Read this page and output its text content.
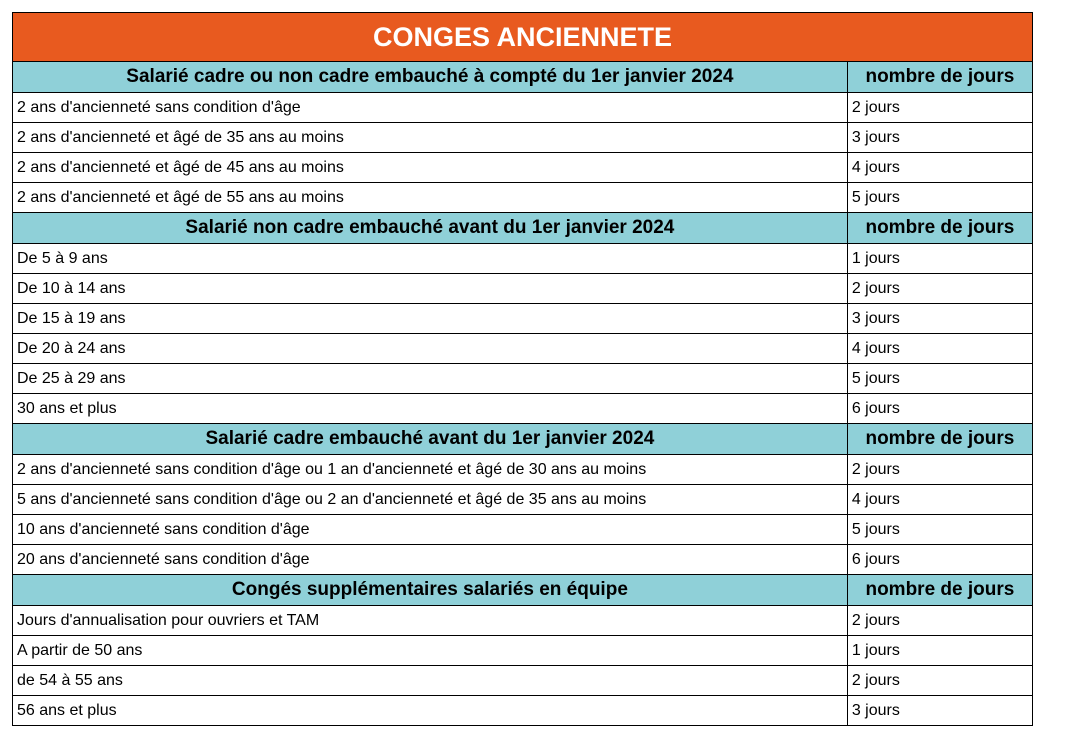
CONGES ANCIENNETE	
Salarié cadre ou non cadre embauché à compté du 1er janvier 2024	nombre de jours
2 ans d'ancienneté sans condition d'âge	2 jours
2 ans d'ancienneté et âgé de 35 ans au moins	3 jours
2 ans d'ancienneté et âgé de 45 ans au moins	4 jours
2 ans d'ancienneté et âgé de 55 ans au moins	5 jours
Salarié non cadre embauché avant du 1er janvier 2024	nombre de jours
De 5 à 9 ans	1 jours
De 10 à 14 ans	2 jours
De 15 à 19 ans	3 jours
De 20 à 24 ans	4 jours
De 25 à 29 ans	5 jours
30 ans et plus	6 jours
Salarié cadre embauché avant du 1er janvier 2024	nombre de jours
2 ans d'ancienneté sans condition d'âge ou 1 an d'ancienneté et âgé de 30 ans au moins	2 jours
5 ans d'ancienneté sans condition d'âge ou 2 an d'ancienneté et âgé de 35 ans au moins	4 jours
10 ans d'ancienneté sans condition d'âge	5 jours
20 ans d'ancienneté sans condition d'âge	6 jours
Congés supplémentaires salariés en équipe	nombre de jours
Jours d'annualisation pour ouvriers et TAM	2 jours
A partir de 50 ans	1 jours
de 54 à 55 ans	2 jours
56 ans et plus	3 jours
